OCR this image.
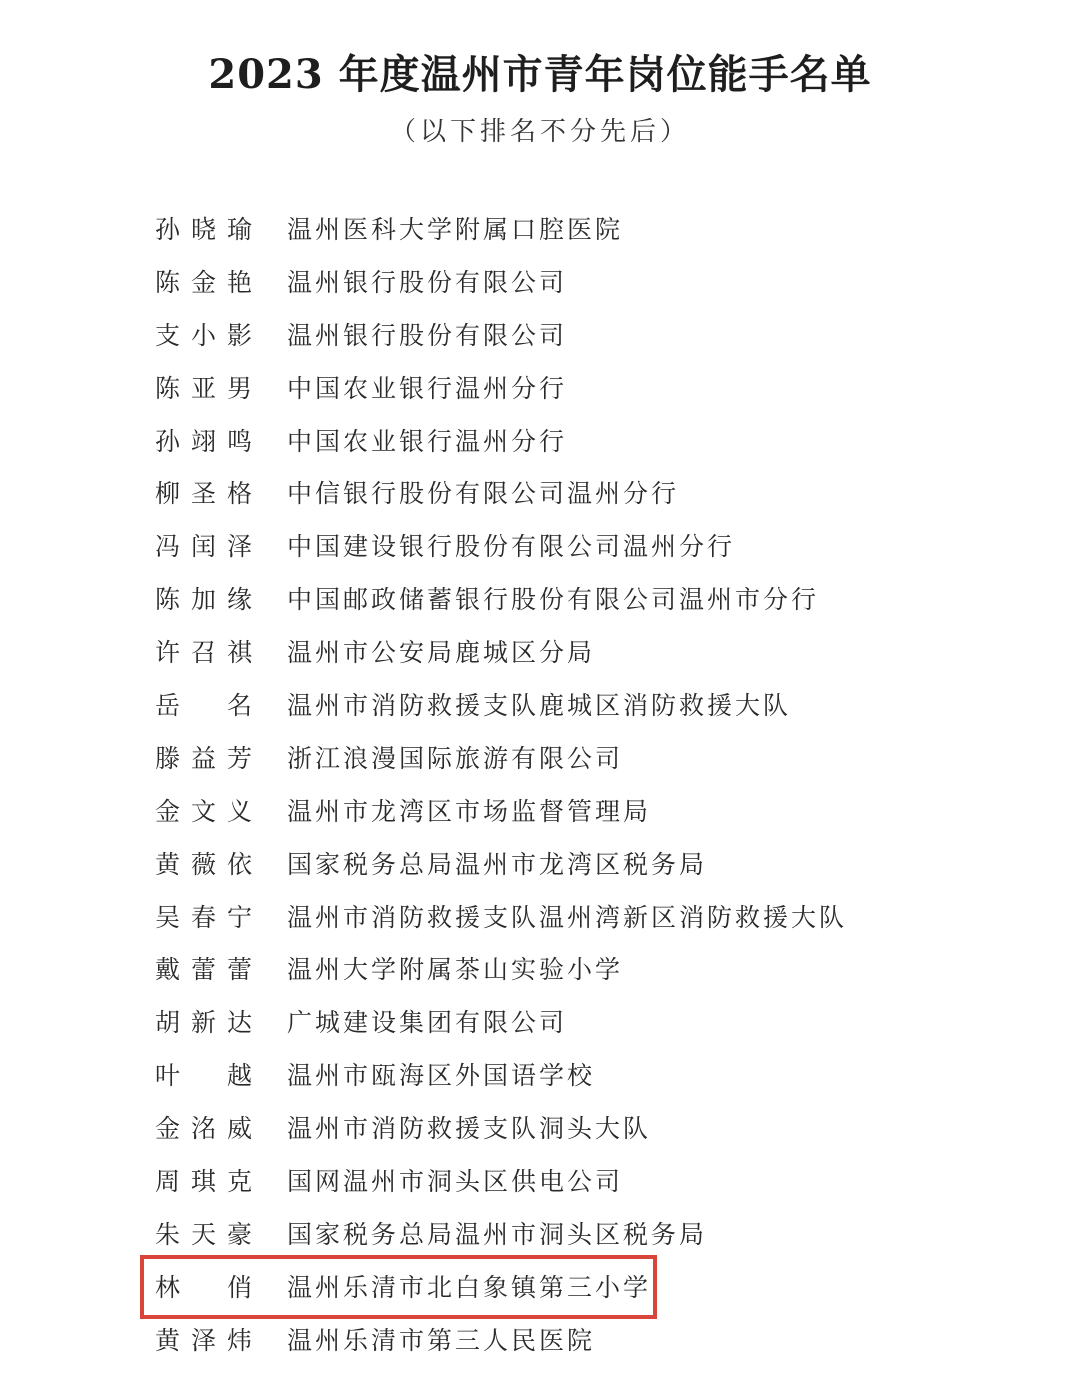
2023 年度温州市青年岗位能手名单
（以下排名不分先后）
孙晓瑜 温州医科大学附属口腔医院
陈金艳 温州银行股份有限公司
支小影 温州银行股份有限公司
陈亚男 中国农业银行温州分行
孙翊鸣 中国农业银行温州分行
柳圣格 中信银行股份有限公司温州分行
冯闰泽 中国建设银行股份有限公司温州分行
陈加缘 中国邮政储蓄银行股份有限公司温州市分行
许召祺 温州市公安局鹿城区分局
岳　名 温州市消防救援支队鹿城区消防救援大队
滕益芳 浙江浪漫国际旅游有限公司
金文义 温州市龙湾区市场监督管理局
黄薇依 国家税务总局温州市龙湾区税务局
吴春宁 温州市消防救援支队温州湾新区消防救援大队
戴蕾蕾 温州大学附属茶山实验小学
胡新达 广城建设集团有限公司
叶　越 温州市瓯海区外国语学校
金洺威 温州市消防救援支队洞头大队
周琪克 国网温州市洞头区供电公司
朱天豪 国家税务总局温州市洞头区税务局
林　俏 温州乐清市北白象镇第三小学
黄泽炜 温州乐清市第三人民医院
